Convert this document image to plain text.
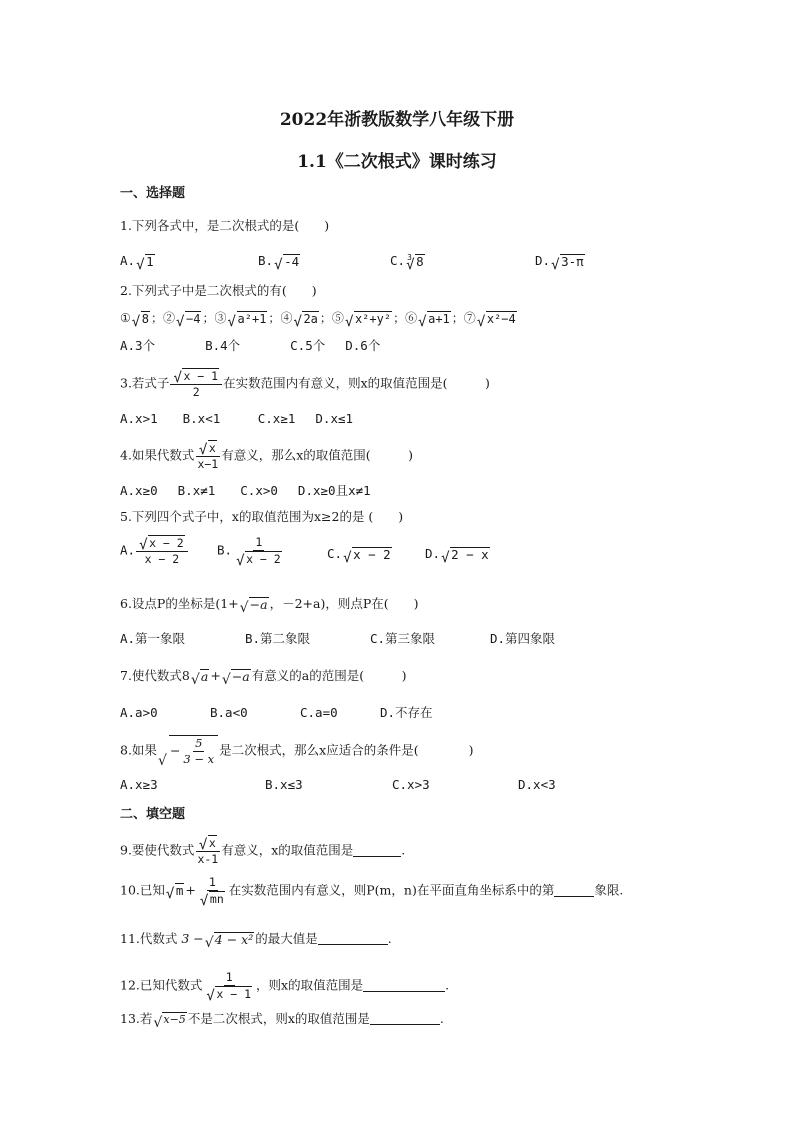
2022年浙教版数学八年级下册
1.1《二次根式》课时练习
一、选择题
1.下列各式中，是二次根式的是(　　)
A. √ 1	B. √ -4	C. √ 3 8	D. √ 3-π
2.下列式子中是二次根式的有(　　)
① √ 8 ；② √ −4 ；③ √ a²+1 ；④ √ 2a ；⑤ √ x²+y² ；⑥ √ a+1 ；⑦ √ x²−4
A.3个　　　　B.4个　　　　C.5个　 D.6个
3.若式子 √ $\frac{x - 1}{2}$ 在实数范围内有意义，则x的取值范围是(　　　)
A.x>1　　B.x<1　　　C.x≥1　 D.x≤1
4.如果代数式 √ $\frac{x}{x-1}$ 有意义，那么x的取值范围(　　　)
A.x≥0　 B.x≠1　　C.x>0　 D.x≥0且x≠1
5.下列四个式子中，x的取值范围为x≥2的是 (　　)
A. √ $\frac{x - 2}{x - 2} B$. 1
√ x − 2	C. √ x − 2	D. √ 2 − x
6.设点P的坐标是(1+ √ −a ，－2+a)，则点P在(　　)
A.第一象限	B.第二象限	C.第三象限	D.第四象限
7.使代数式8 √ a + √ −a 有意义的a的范围是(　　　)
A.a>0	B.a<0	C.a=0	D.不存在
8.如果 √ − $\frac{5}{3 - x}$ 是二次根式，那么x应适合的条件是(　　　　)
A.x≥3	B.x≤3	C.x>3	D.x<3
二、填空题
9.要使代数式 √ $\frac{x}{x-1}$ 有意义，x的取值范围是	.
10.已知 √ m + 1
√ mn 在实数范围内有意义，则P(m，n)在平面直角坐标系中的第	象限.
11.代数式 3 − √ 4 − x² 的最大值是	.
12.已知代数式 1
√ x − 1 ，则x的取值范围是	.
13.若 √ x−5 不是二次根式，则x的取值范围是	.
